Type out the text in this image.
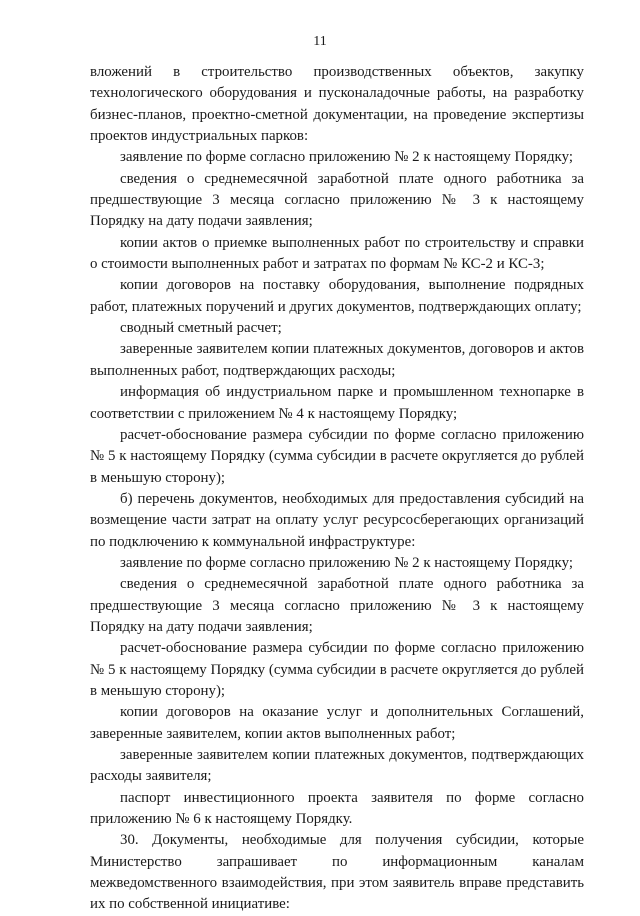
11

вложений в строительство производственных объектов, закупку технологического оборудования и пусконаладочные работы, на разработку бизнес-планов, проектно-сметной документации, на проведение экспертизы проектов индустриальных парков:

заявление по форме согласно приложению № 2 к настоящему Порядку;

сведения о среднемесячной заработной плате одного работника за предшествующие 3 месяца согласно приложению № 3 к настоящему Порядку на дату подачи заявления;

копии актов о приемке выполненных работ по строительству и справки о стоимости выполненных работ и затратах по формам № КС-2 и КС-3;

копии договоров на поставку оборудования, выполнение подрядных работ, платежных поручений и других документов, подтверждающих оплату;

сводный сметный расчет;

заверенные заявителем копии платежных документов, договоров и актов выполненных работ, подтверждающих расходы;

информация об индустриальном парке и промышленном технопарке в соответствии с приложением № 4 к настоящему Порядку;

расчет-обоснование размера субсидии по форме согласно приложению № 5 к настоящему Порядку (сумма субсидии в расчете округляется до рублей в меньшую сторону);

б) перечень документов, необходимых для предоставления субсидий на возмещение части затрат на оплату услуг ресурсосберегающих организаций по подключению к коммунальной инфраструктуре:

заявление по форме согласно приложению № 2 к настоящему Порядку;

сведения о среднемесячной заработной плате одного работника за предшествующие 3 месяца согласно приложению № 3 к настоящему Порядку на дату подачи заявления;

расчет-обоснование размера субсидии по форме согласно приложению № 5 к настоящему Порядку (сумма субсидии в расчете округляется до рублей в меньшую сторону);

копии договоров на оказание услуг и дополнительных Соглашений, заверенные заявителем, копии актов выполненных работ;

заверенные заявителем копии платежных документов, подтверждающих расходы заявителя;

паспорт инвестиционного проекта заявителя по форме согласно приложению № 6 к настоящему Порядку.

30. Документы, необходимые для получения субсидии, которые Министерство запрашивает по информационным каналам межведомственного взаимодействия, при этом заявитель вправе представить их по собственной инициативе:
